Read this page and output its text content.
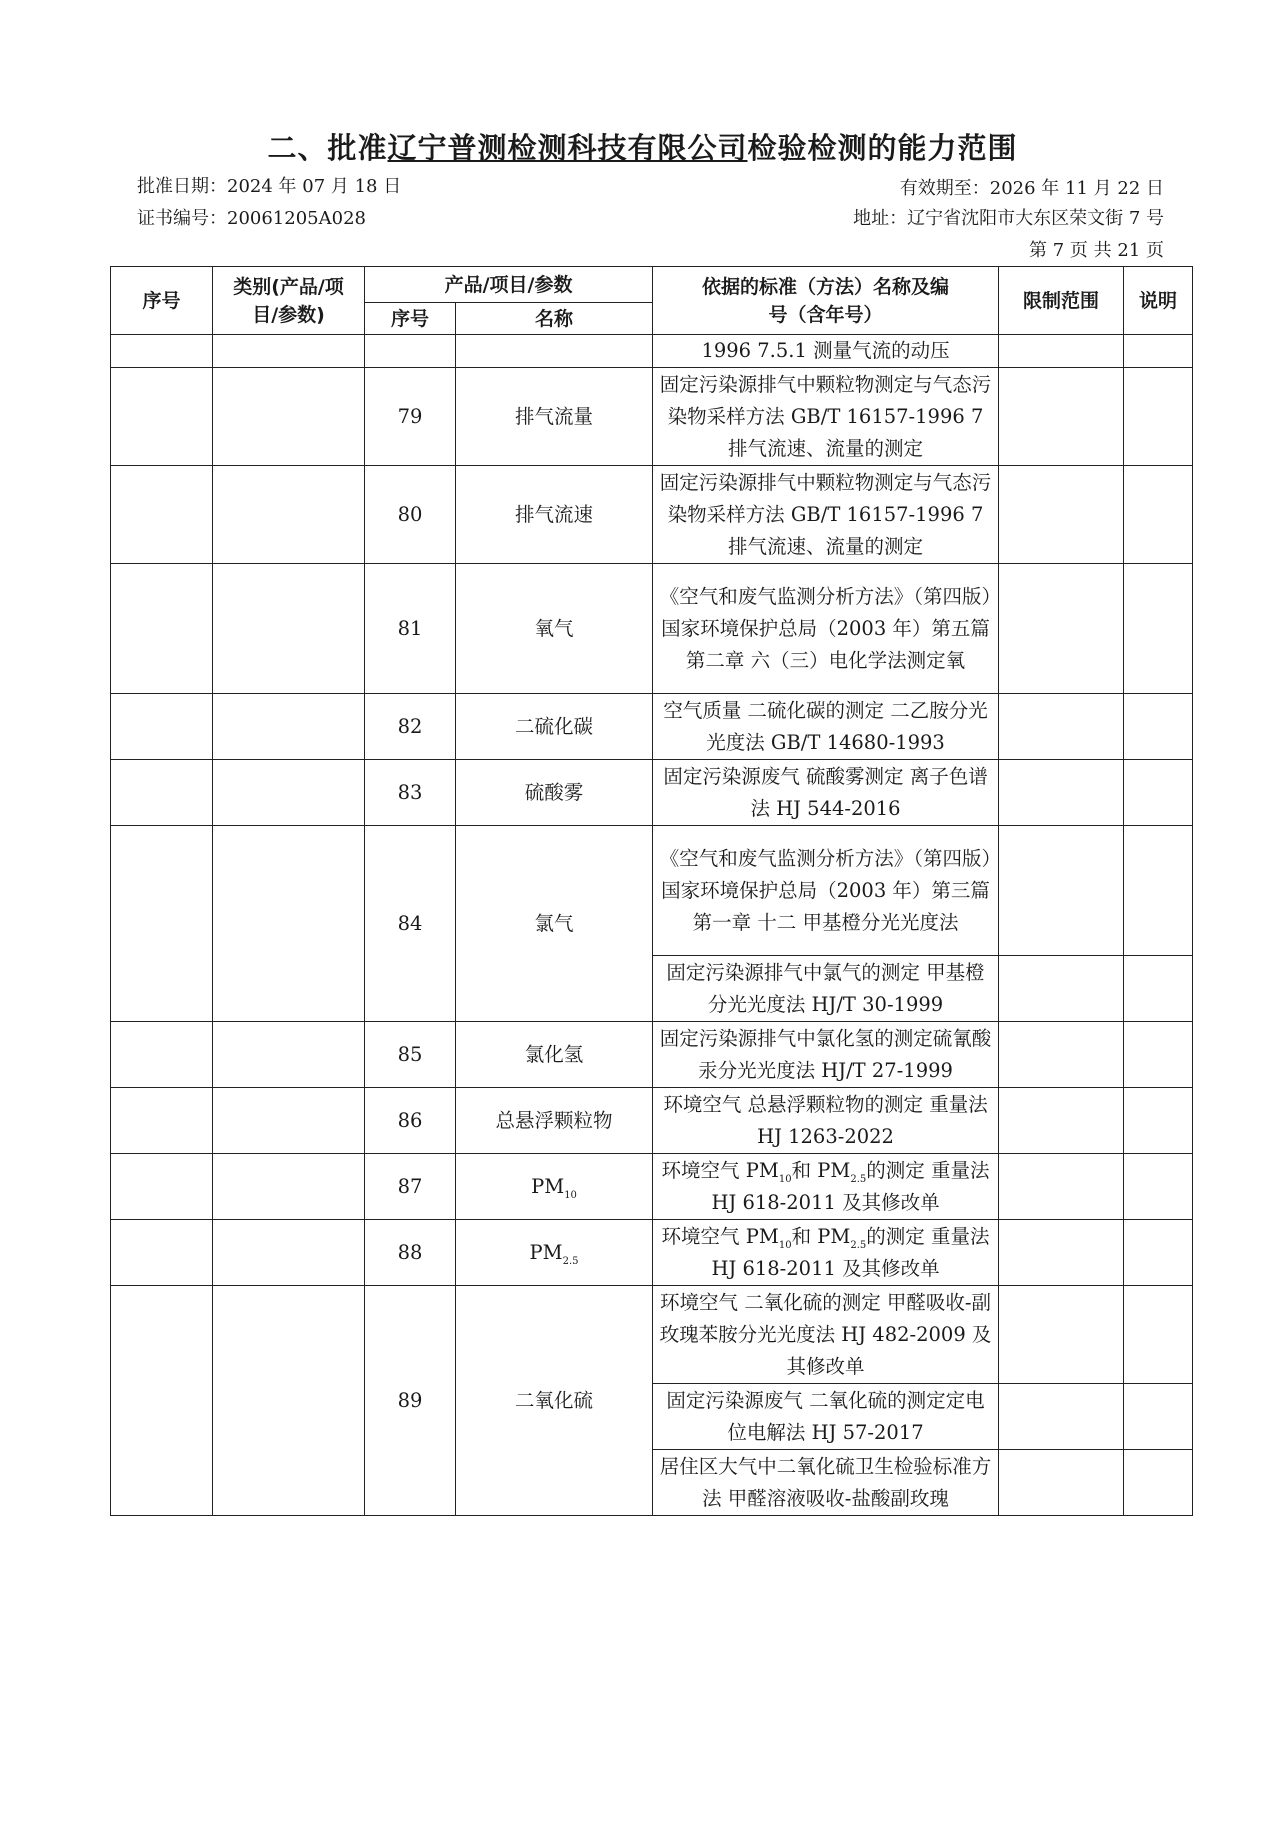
二、批准辽宁普测检测科技有限公司检验检测的能力范围
批准日期：2024 年 07 月 18 日	有效期至：2026 年 11 月 22 日
证书编号：20061205A028	地址：辽宁省沈阳市大东区荣文街 7 号
第 7 页 共 21 页
序号	类别(产品/项目/参数)	产品/项目/参数		依据的标准（方法）名称及编号（含年号）	限制范围	说明
		序号	名称			
				1996 7.5.1 测量气流的动压		
		79	排气流量	固定污染源排气中颗粒物测定与气态污染物采样方法 GB/T 16157-1996 7 排气流速、流量的测定		
		80	排气流速	固定污染源排气中颗粒物测定与气态污染物采样方法 GB/T 16157-1996 7 排气流速、流量的测定		
		81	氧气	《空气和废气监测分析方法》（第四版）国家环境保护总局（2003 年）第五篇 第二章 六（三）电化学法测定氧		
		82	二硫化碳	空气质量 二硫化碳的测定 二乙胺分光光度法 GB/T 14680-1993		
		83	硫酸雾	固定污染源废气 硫酸雾测定 离子色谱法 HJ 544-2016		
		84	氯气	《空气和废气监测分析方法》（第四版）国家环境保护总局（2003 年）第三篇 第一章 十二 甲基橙分光光度法		
				固定污染源排气中氯气的测定 甲基橙分光光度法 HJ/T 30-1999		
		85	氯化氢	固定污染源排气中氯化氢的测定硫氰酸汞分光光度法 HJ/T 27-1999		
		86	总悬浮颗粒物	环境空气 总悬浮颗粒物的测定 重量法 HJ 1263-2022		
		87	$PM_{10}$	环境空气 $PM_{10}$和 $PM_{2.5}$的测定 重量法 HJ 618-2011 及其修改单		
		88	$PM_{2.5}$	环境空气 $PM_{10}$和 $PM_{2.5}$的测定 重量法 HJ 618-2011 及其修改单		
		89	二氧化硫	环境空气 二氧化硫的测定 甲醛吸收-副玫瑰苯胺分光光度法 HJ 482-2009 及其修改单		
				固定污染源废气 二氧化硫的测定定电位电解法 HJ 57-2017		
				居住区大气中二氧化硫卫生检验标准方法 甲醛溶液吸收-盐酸副玫瑰		
